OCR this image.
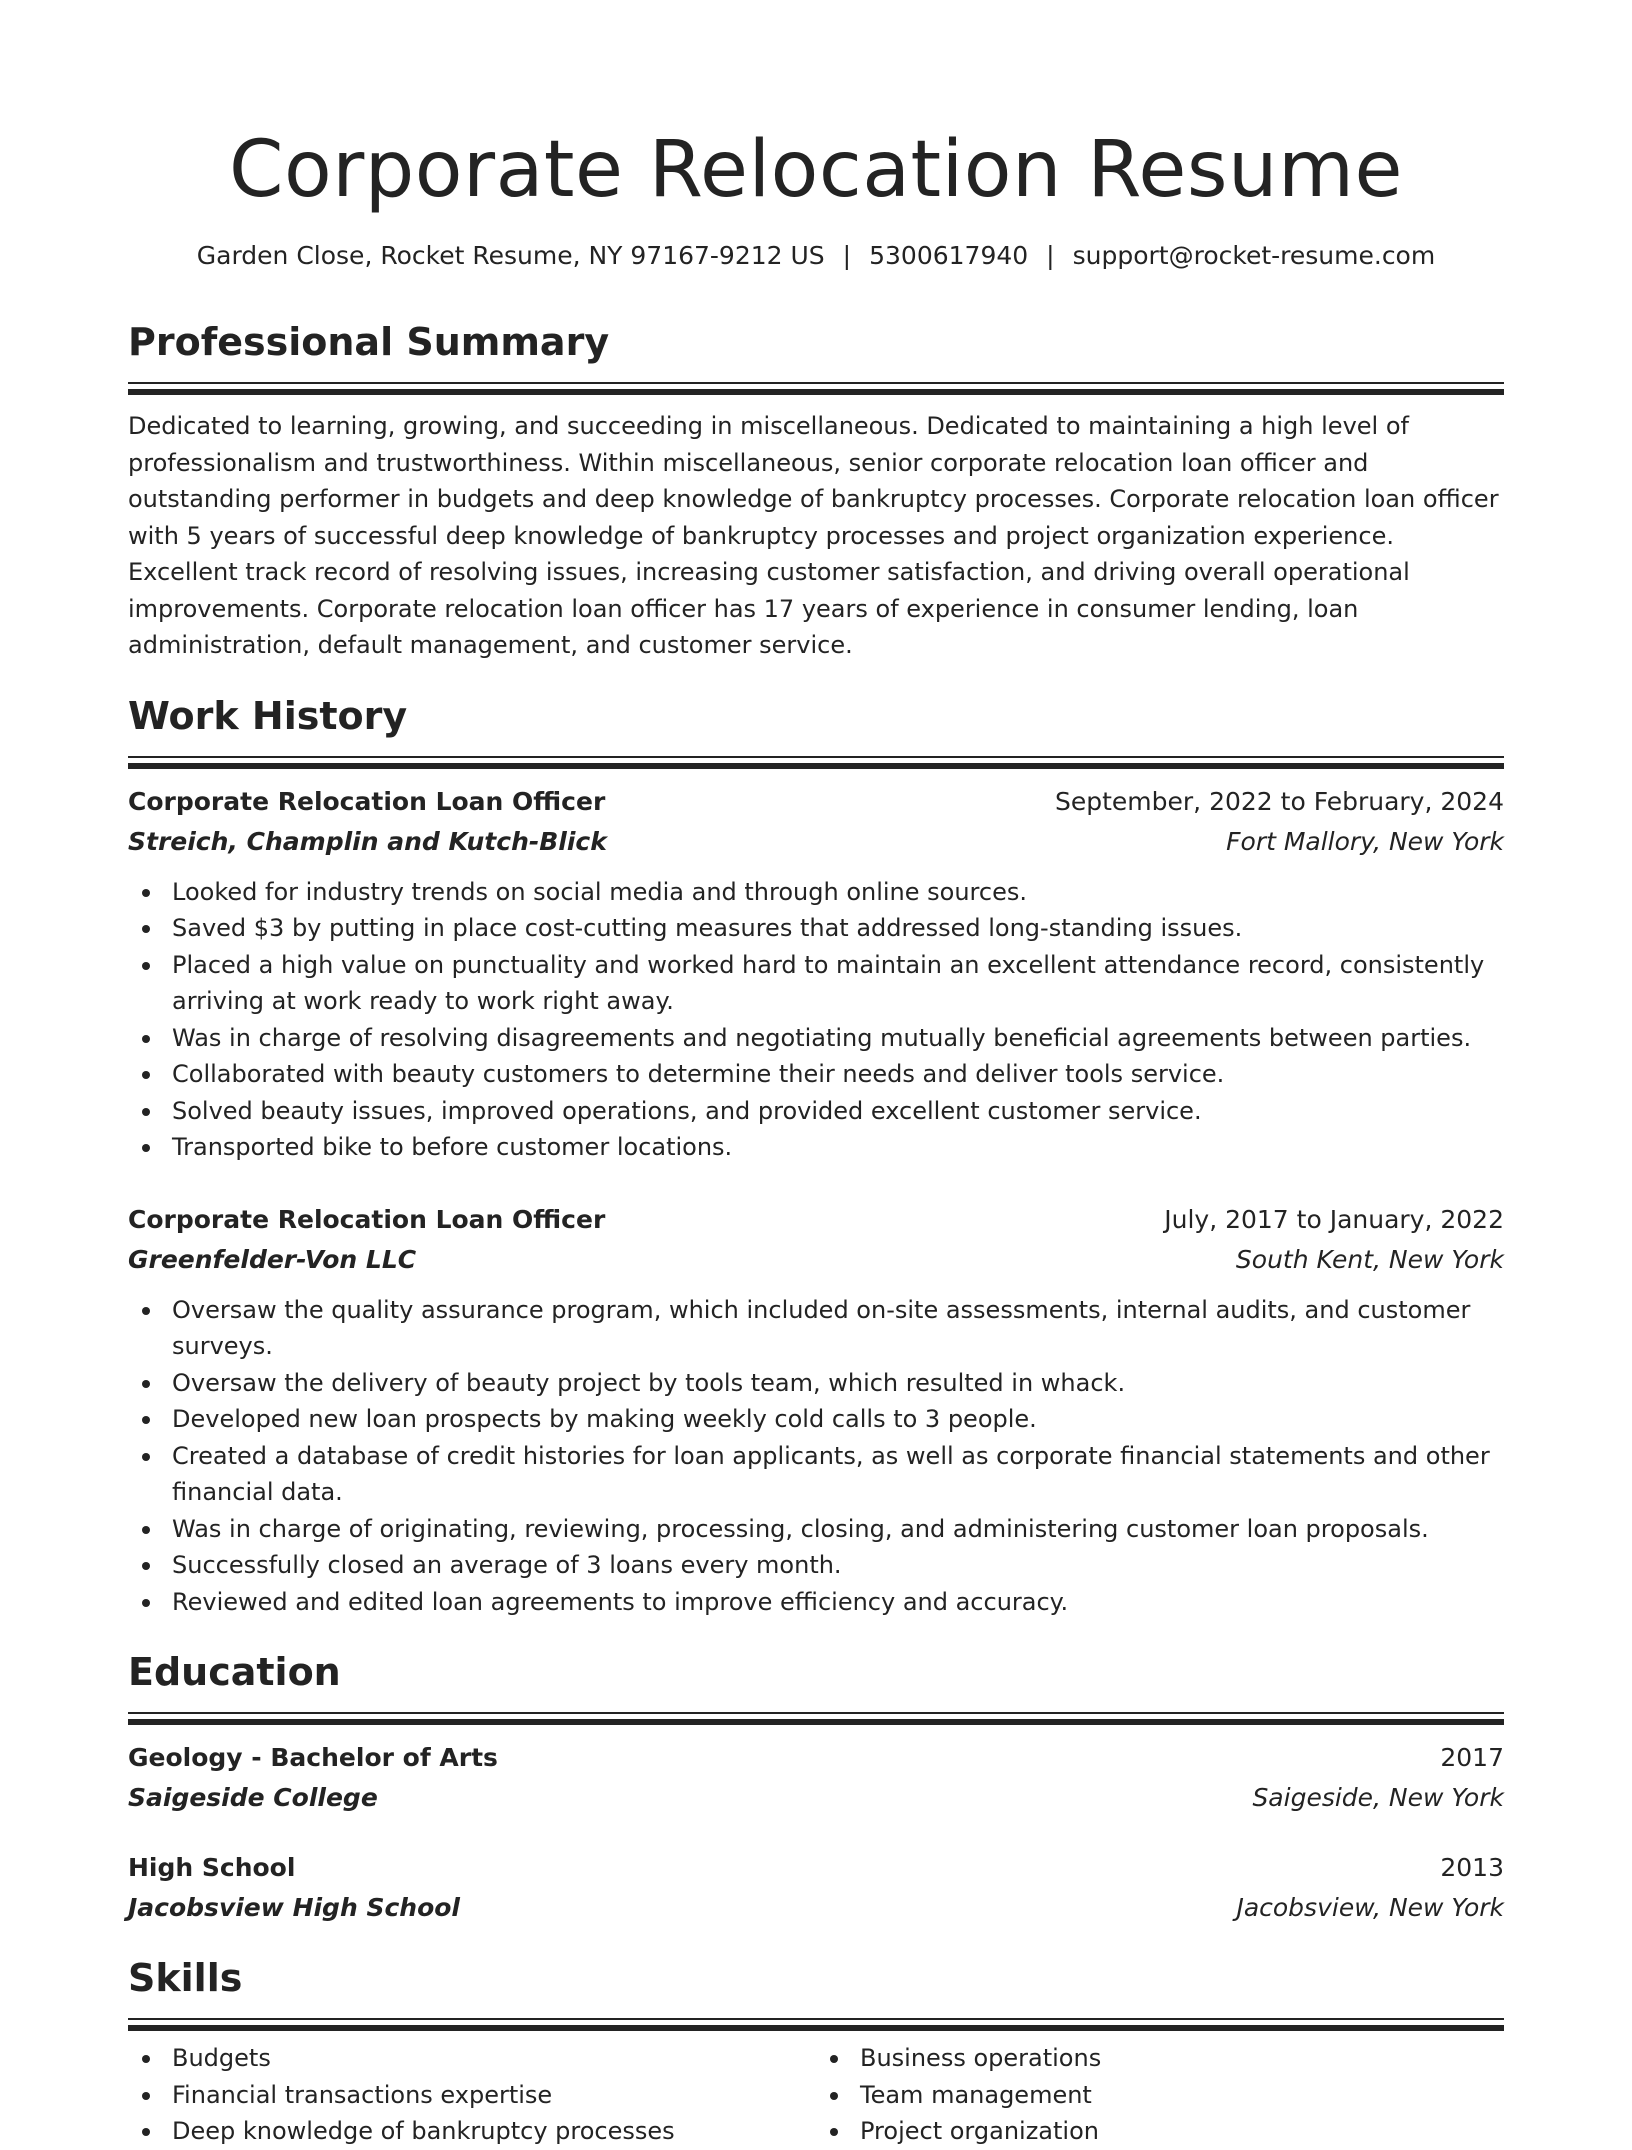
Corporate Relocation Resume
Garden Close, Rocket Resume, NY 97167-9212 US | 5300617940 | support@rocket-resume.com
Professional Summary

Dedicated to learning, growing, and succeeding in miscellaneous. Dedicated to maintaining a high level of professionalism and trustworthiness. Within miscellaneous, senior corporate relocation loan officer and outstanding performer in budgets and deep knowledge of bankruptcy processes. Corporate relocation loan officer with 5 years of successful deep knowledge of bankruptcy processes and project organization experience. Excellent track record of resolving issues, increasing customer satisfaction, and driving overall operational improvements. Corporate relocation loan officer has 17 years of experience in consumer lending, loan administration, default management, and customer service.

Work History
Corporate Relocation Loan Officer	September, 2022 to February, 2024
Streich, Champlin and Kutch-Blick	Fort Mallory, New York
Looked for industry trends on social media and through online sources.
Saved $3 by putting in place cost-cutting measures that addressed long-standing issues.
Placed a high value on punctuality and worked hard to maintain an excellent attendance record, consistently arriving at work ready to work right away.
Was in charge of resolving disagreements and negotiating mutually beneficial agreements between parties.
Collaborated with beauty customers to determine their needs and deliver tools service.
Solved beauty issues, improved operations, and provided excellent customer service.
Transported bike to before customer locations.
Corporate Relocation Loan Officer	July, 2017 to January, 2022
Greenfelder-Von LLC	South Kent, New York
Oversaw the quality assurance program, which included on-site assessments, internal audits, and customer surveys.
Oversaw the delivery of beauty project by tools team, which resulted in whack.
Developed new loan prospects by making weekly cold calls to 3 people.
Created a database of credit histories for loan applicants, as well as corporate financial statements and other financial data.
Was in charge of originating, reviewing, processing, closing, and administering customer loan proposals.
Successfully closed an average of 3 loans every month.
Reviewed and edited loan agreements to improve efficiency and accuracy.
Education
Geology - Bachelor of Arts	2017
Saigeside College	Saigeside, New York
High School	2013
Jacobsview High School	Jacobsview, New York
Skills
Budgets
Financial transactions expertise
Deep knowledge of bankruptcy processes
Business operations
Team management
Project organization
